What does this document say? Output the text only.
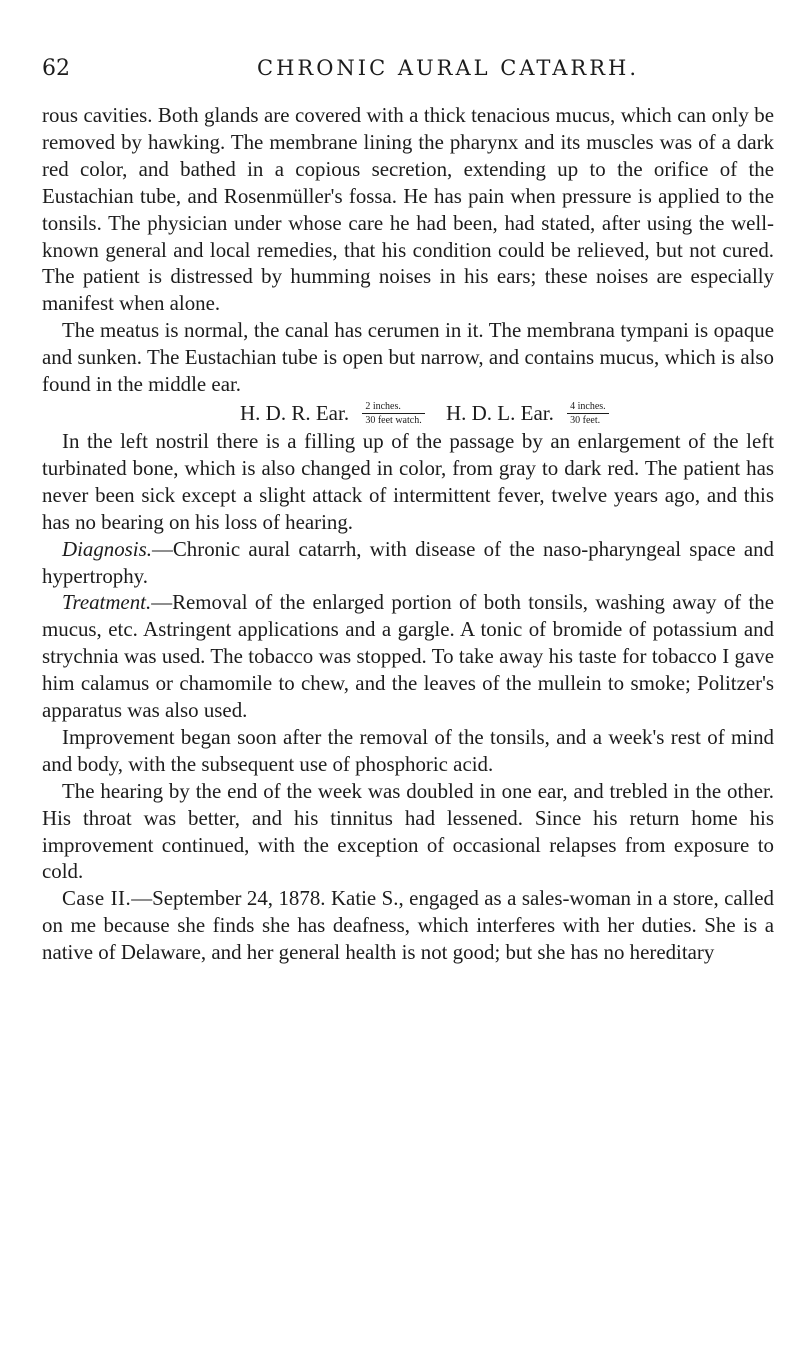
62	CHRONIC AURAL CATARRH.

rous cavities. Both glands are covered with a thick tenacious mucus, which can only be removed by hawking. The membrane lining the pharynx and its muscles was of a dark red color, and bathed in a copious secretion, extending up to the orifice of the Eustachian tube, and Rosenmüller's fossa. He has pain when pressure is applied to the tonsils. The physician under whose care he had been, had stated, after using the well-known general and local remedies, that his condition could be relieved, but not cured. The patient is distressed by humming noises in his ears; these noises are especially manifest when alone.

The meatus is normal, the canal has cerumen in it. The membrana tympani is opaque and sunken. The Eustachian tube is open but narrow, and contains mucus, which is also found in the middle ear.

H. D. R. Ear. $\frac{\text{2 inches.}}{\text{30 feet watch.}} H$. D. L. Ear. $\frac{\text{4 inches.}}{\text{30 feet.}}$

In the left nostril there is a filling up of the passage by an enlargement of the left turbinated bone, which is also changed in color, from gray to dark red. The patient has never been sick except a slight attack of intermittent fever, twelve years ago, and this has no bearing on his loss of hearing.

Diagnosis.—Chronic aural catarrh, with disease of the naso-pharyngeal space and hypertrophy.

Treatment.—Removal of the enlarged portion of both tonsils, washing away of the mucus, etc. Astringent applications and a gargle. A tonic of bromide of potassium and strychnia was used. The tobacco was stopped. To take away his taste for tobacco I gave him calamus or chamomile to chew, and the leaves of the mullein to smoke; Politzer's apparatus was also used.

Improvement began soon after the removal of the tonsils, and a week's rest of mind and body, with the subsequent use of phosphoric acid.

The hearing by the end of the week was doubled in one ear, and trebled in the other. His throat was better, and his tinnitus had lessened. Since his return home his improvement continued, with the exception of occasional relapses from exposure to cold.

Case II.—September 24, 1878. Katie S., engaged as a sales-woman in a store, called on me because she finds she has deafness, which interferes with her duties. She is a native of Delaware, and her general health is not good; but she has no hereditary
